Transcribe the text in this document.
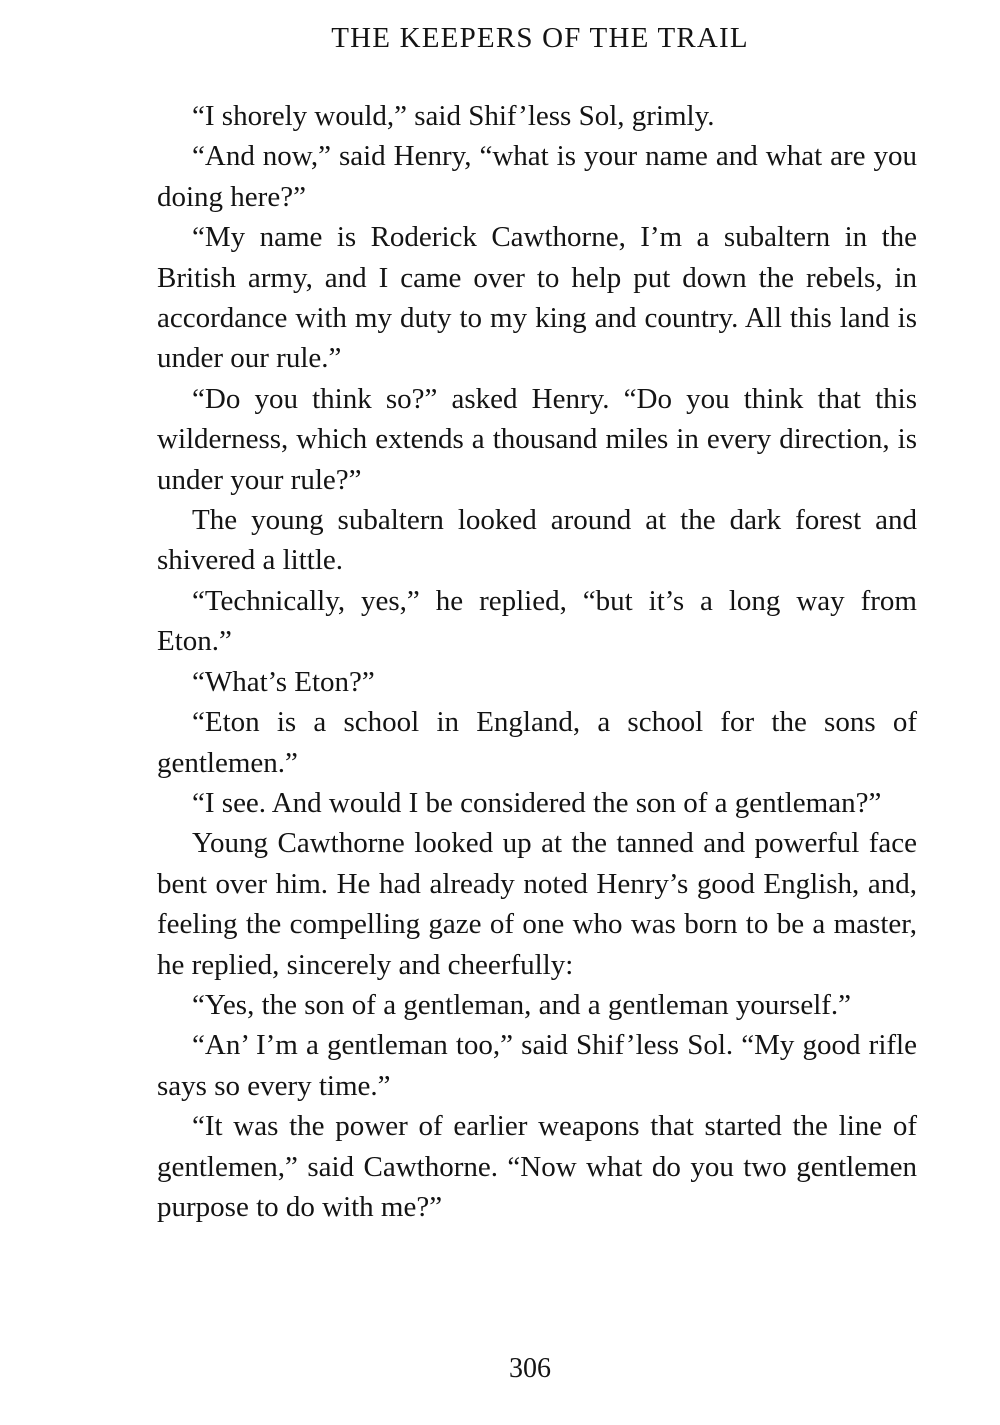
THE KEEPERS OF THE TRAIL

“I shorely would,” said Shif’less Sol, grimly.

“And now,” said Henry, “what is your name and what are you doing here?”

“My name is Roderick Cawthorne, I’m a subaltern in the British army, and I came over to help put down the rebels, in accordance with my duty to my king and country. All this land is under our rule.”

“Do you think so?” asked Henry. “Do you think that this wilderness, which extends a thousand miles in every direction, is under your rule?”

The young subaltern looked around at the dark forest and shivered a little.

“Technically, yes,” he replied, “but it’s a long way from Eton.”

“What’s Eton?”

“Eton is a school in England, a school for the sons of gentlemen.”

“I see. And would I be considered the son of a gentleman?”

Young Cawthorne looked up at the tanned and powerful face bent over him. He had already noted Henry’s good English, and, feeling the compelling gaze of one who was born to be a master, he replied, sincerely and cheerfully:

“Yes, the son of a gentleman, and a gentleman yourself.”

“An’ I’m a gentleman too,” said Shif’less Sol. “My good rifle says so every time.”

“It was the power of earlier weapons that started the line of gentlemen,” said Cawthorne. “Now what do you two gentlemen purpose to do with me?”

306
